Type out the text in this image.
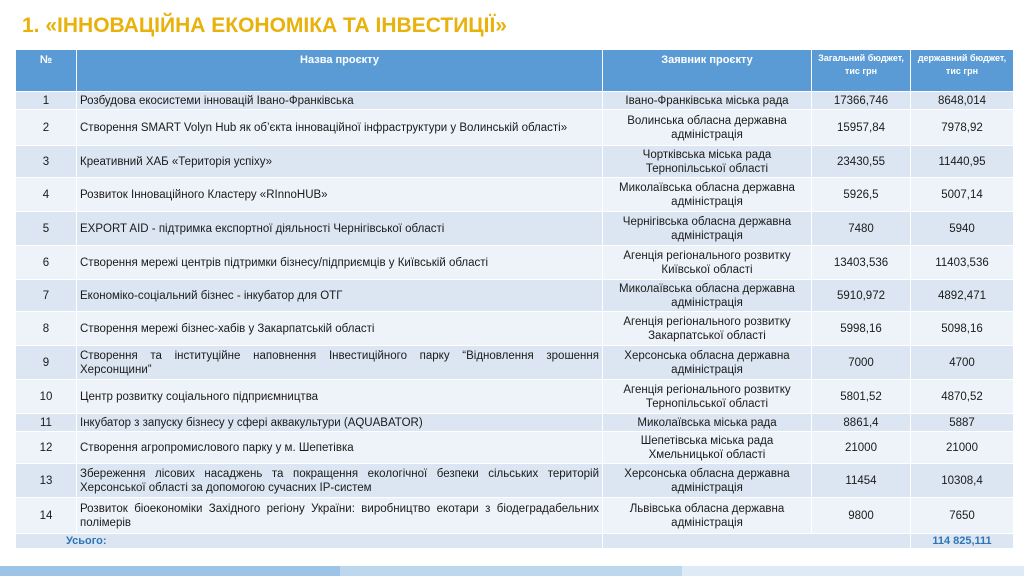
1. «ІННОВАЦІЙНА ЕКОНОМІКА ТА ІНВЕСТИЦІЇ»
№	Назва проєкту	Заявник проєкту	Загальний бюджет, тис грн	державний бюджет, тис грн
1	Розбудова екосистеми інновацій Івано-Франківська	Івано-Франківська міська рада	17366,746	8648,014
2	Створення SMART Volyn Hub як об’єкта інноваційної інфраструктури у Волинській області»	Волинська обласна державна адміністрація	15957,84	7978,92
3	Креативний ХАБ «Територія успіху»	Чортківська міська рада Тернопільської області	23430,55	11440,95
4	Розвиток Інноваційного Кластеру «RInnoHUB»	Миколаївська обласна державна адміністрація	5926,5	5007,14
5	EXPORT AID - підтримка експортної діяльності Чернігівської області	Чернігівська обласна державна адміністрація	7480	5940
6	Створення мережі центрів підтримки бізнесу/підприємців у Київській області	Агенція регіонального розвитку Київської області	13403,536	11403,536
7	Економіко-соціальний бізнес - інкубатор для ОТГ	Миколаївська обласна державна адміністрація	5910,972	4892,471
8	Створення мережі бізнес-хабів у Закарпатській області	Агенція регіонального розвитку Закарпатської області	5998,16	5098,16
9	Створення та інституційне наповнення Інвестиційного парку “Відновлення зрошення Херсонщини”	Херсонська обласна державна адміністрація	7000	4700
10	Центр розвитку соціального підприємництва	Агенція регіонального розвитку Тернопільської області	5801,52	4870,52
11	Інкубатор з запуску бізнесу у сфері аквакультури (AQUABATOR)	Миколаївська міська рада	8861,4	5887
12	Створення агропромислового парку у м. Шепетівка	Шепетівська міська рада Хмельницької області	21000	21000
13	Збереження лісових насаджень та покращення екологічної безпеки сільських територій Херсонської області за допомогою сучасних ІР-систем	Херсонська обласна державна адміністрація	11454	10308,4
14	Розвиток біоекономіки Західного регіону України: виробництво екотари з біодеградабельних полімерів	Львівська обласна державна адміністрація	9800	7650
Усього:				114 825,111
